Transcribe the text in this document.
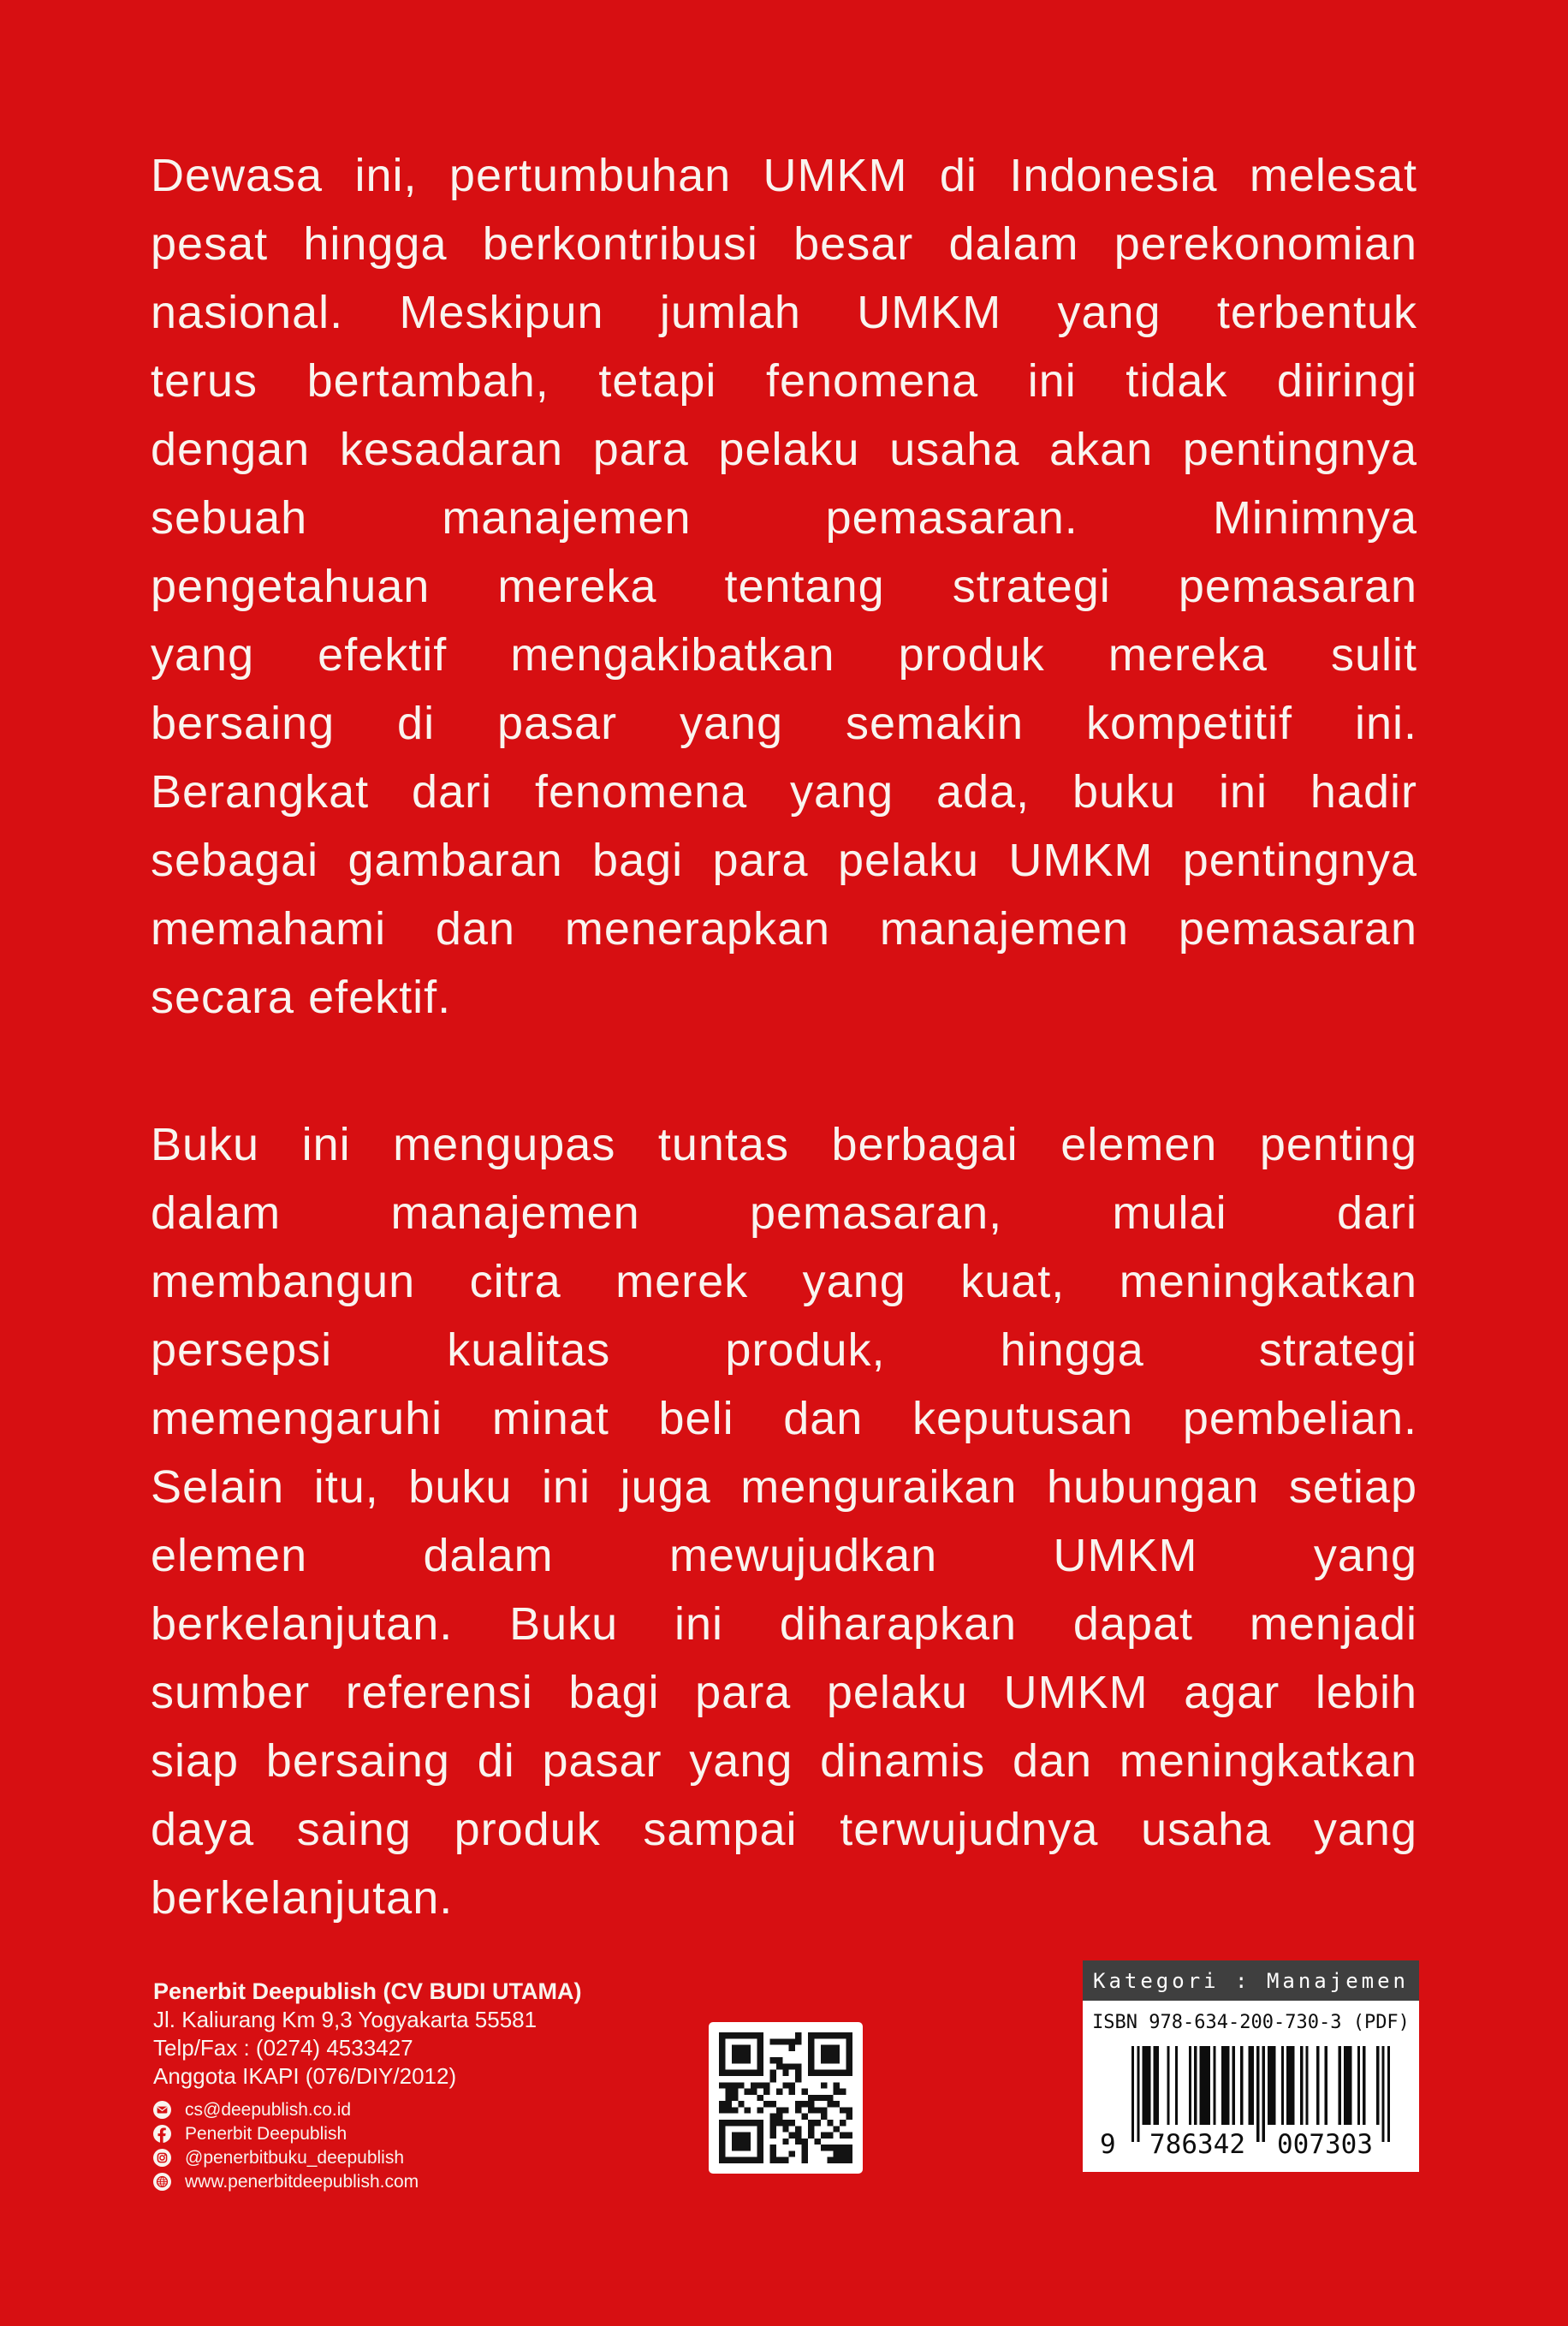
Dewasa ini, pertumbuhan UMKM di Indonesia melesat
pesat hingga berkontribusi besar dalam perekonomian
nasional. Meskipun jumlah UMKM yang terbentuk
terus bertambah, tetapi fenomena ini tidak diiringi
dengan kesadaran para pelaku usaha akan pentingnya
sebuah manajemen pemasaran. Minimnya
pengetahuan mereka tentang strategi pemasaran
yang efektif mengakibatkan produk mereka sulit
bersaing di pasar yang semakin kompetitif ini.
Berangkat dari fenomena yang ada, buku ini hadir
sebagai gambaran bagi para pelaku UMKM pentingnya
memahami dan menerapkan manajemen pemasaran
secara efektif.
Buku ini mengupas tuntas berbagai elemen penting
dalam manajemen pemasaran, mulai dari
membangun citra merek yang kuat, meningkatkan
persepsi kualitas produk, hingga strategi
memengaruhi minat beli dan keputusan pembelian.
Selain itu, buku ini juga menguraikan hubungan setiap
elemen dalam mewujudkan UMKM yang
berkelanjutan. Buku ini diharapkan dapat menjadi
sumber referensi bagi para pelaku UMKM agar lebih
siap bersaing di pasar yang dinamis dan meningkatkan
daya saing produk sampai terwujudnya usaha yang
berkelanjutan.
Penerbit Deepublish (CV BUDI UTAMA)
Jl. Kaliurang Km 9,3 Yogyakarta 55581
Telp/Fax : (0274) 4533427
Anggota IKAPI (076/DIY/2012)
cs@deepublish.co.id
Penerbit Deepublish
@penerbitbuku_deepublish
www.penerbitdeepublish.com
Kategori : Manajemen
ISBN 978-634-200-730-3 (PDF)
9	786342	007303
